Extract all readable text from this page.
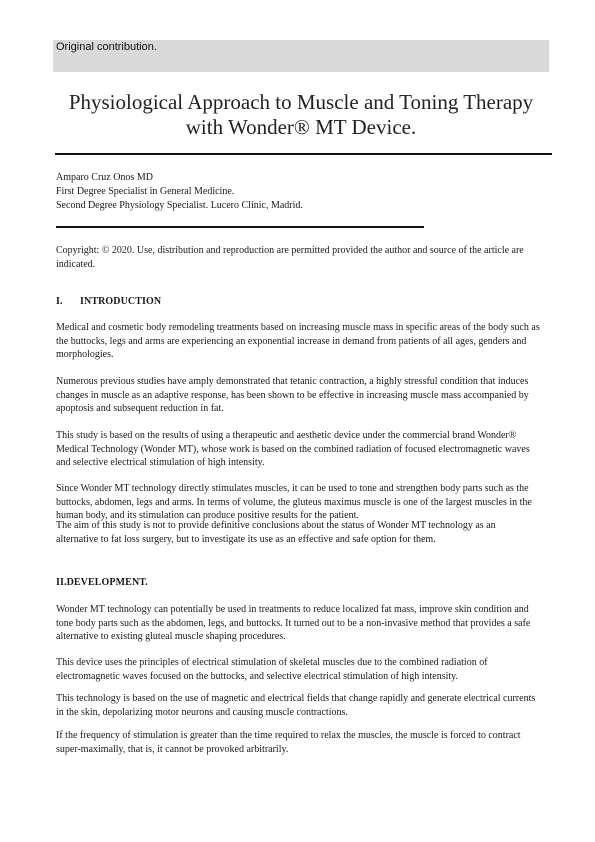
Original contribution.
Physiological Approach to Muscle and Toning Therapy with Wonder® MT Device.
Amparo Cruz Onos MD
First Degree Specialist in General Medicine.
Second Degree Physiology Specialist. Lucero Clinic, Madrid.
Copyright: © 2020. Use, distribution and reproduction are permitted provided the author and source of the article are indicated.
I. INTRODUCTION
Medical and cosmetic body remodeling treatments based on increasing muscle mass in specific areas of the body such as the buttocks, legs and arms are experiencing an exponential increase in demand from patients of all ages, genders and morphologies.
Numerous previous studies have amply demonstrated that tetanic contraction, a highly stressful condition that induces changes in muscle as an adaptive response, has been shown to be effective in increasing muscle mass accompanied by apoptosis and subsequent reduction in fat.
This study is based on the results of using a therapeutic and aesthetic device under the commercial brand Wonder® Medical Technology (Wonder MT), whose work is based on the combined radiation of focused electromagnetic waves and selective electrical stimulation of high intensity.
Since Wonder MT technology directly stimulates muscles, it can be used to tone and strengthen body parts such as the buttocks, abdomen, legs and arms. In terms of volume, the gluteus maximus muscle is one of the largest muscles in the human body, and its stimulation can produce positive results for the patient.
The aim of this study is not to provide definitive conclusions about the status of Wonder MT technology as an alternative to fat loss surgery, but to investigate its use as an effective and safe option for them.
II.DEVELOPMENT.
Wonder MT technology can potentially be used in treatments to reduce localized fat mass, improve skin condition and tone body parts such as the abdomen, legs, and buttocks. It turned out to be a non-invasive method that provides a safe alternative to existing gluteal muscle shaping procedures.
This device uses the principles of electrical stimulation of skeletal muscles due to the combined radiation of electromagnetic waves focused on the buttocks, and selective electrical stimulation of high intensity.
This technology is based on the use of magnetic and electrical fields that change rapidly and generate electrical currents in the skin, depolarizing motor neurons and causing muscle contractions.
If the frequency of stimulation is greater than the time required to relax the muscles, the muscle is forced to contract super-maximally, that is, it cannot be provoked arbitrarily.
